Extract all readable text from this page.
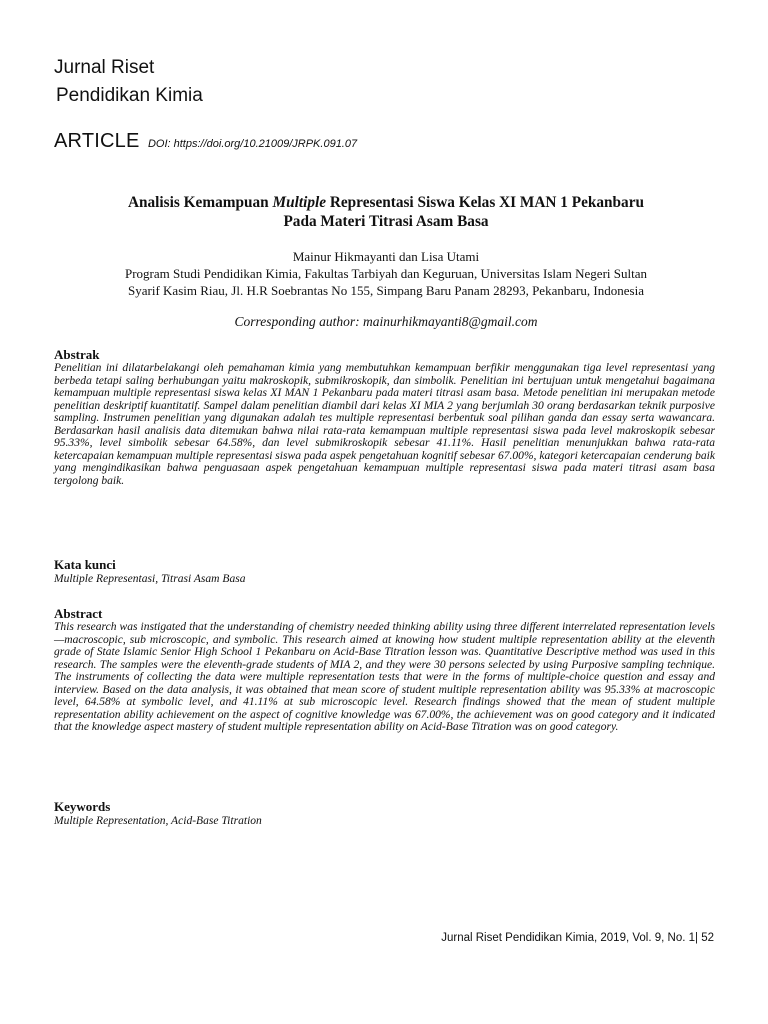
Jurnal Riset
Pendidikan Kimia
ARTICLE DOI: https://doi.org/10.21009/JRPK.091.07
Analisis Kemampuan Multiple Representasi Siswa Kelas XI MAN 1 Pekanbaru
Pada Materi Titrasi Asam Basa
Mainur Hikmayanti dan Lisa Utami
Program Studi Pendidikan Kimia, Fakultas Tarbiyah dan Keguruan, Universitas Islam Negeri Sultan
Syarif Kasim Riau, Jl. H.R Soebrantas No 155, Simpang Baru Panam 28293, Pekanbaru, Indonesia
Corresponding author: mainurhikmayanti8@gmail.com
Abstrak
Penelitian ini dilatarbelakangi oleh pemahaman kimia yang membutuhkan kemampuan berfikir menggunakan tiga level representasi yang berbeda tetapi saling berhubungan yaitu makroskopik, submikroskopik, dan simbolik. Penelitian ini bertujuan untuk mengetahui bagaimana kemampuan multiple representasi siswa kelas XI MAN 1 Pekanbaru pada materi titrasi asam basa. Metode penelitian ini merupakan metode penelitian deskriptif kuantitatif. Sampel dalam penelitian diambil dari kelas XI MIA 2 yang berjumlah 30 orang berdasarkan teknik purposive sampling. Instrumen penelitian yang digunakan adalah tes multiple representasi berbentuk soal pilihan ganda dan essay serta wawancara. Berdasarkan hasil analisis data ditemukan bahwa nilai rata-rata kemampuan multiple representasi siswa pada level makroskopik sebesar 95.33%, level simbolik sebesar 64.58%, dan level submikroskopik sebesar 41.11%. Hasil penelitian menunjukkan bahwa rata-rata ketercapaian kemampuan multiple representasi siswa pada aspek pengetahuan kognitif sebesar 67.00%, kategori ketercapaian cenderung baik yang mengindikasikan bahwa penguasaan aspek pengetahuan kemampuan multiple representasi siswa pada materi titrasi asam basa tergolong baik.
Kata kunci
Multiple Representasi, Titrasi Asam Basa
Abstract
This research was instigated that the understanding of chemistry needed thinking ability using three different interrelated representation levels—macroscopic, sub microscopic, and symbolic. This research aimed at knowing how student multiple representation ability at the eleventh grade of State Islamic Senior High School 1 Pekanbaru on Acid-Base Titration lesson was. Quantitative Descriptive method was used in this research. The samples were the eleventh-grade students of MIA 2, and they were 30 persons selected by using Purposive sampling technique. The instruments of collecting the data were multiple representation tests that were in the forms of multiple-choice question and essay and interview. Based on the data analysis, it was obtained that mean score of student multiple representation ability was 95.33% at macroscopic level, 64.58% at symbolic level, and 41.11% at sub microscopic level. Research findings showed that the mean of student multiple representation ability achievement on the aspect of cognitive knowledge was 67.00%, the achievement was on good category and it indicated that the knowledge aspect mastery of student multiple representation ability on Acid-Base Titration was on good category.
Keywords
Multiple Representation, Acid-Base Titration
Jurnal Riset Pendidikan Kimia, 2019, Vol. 9, No. 1| 52
